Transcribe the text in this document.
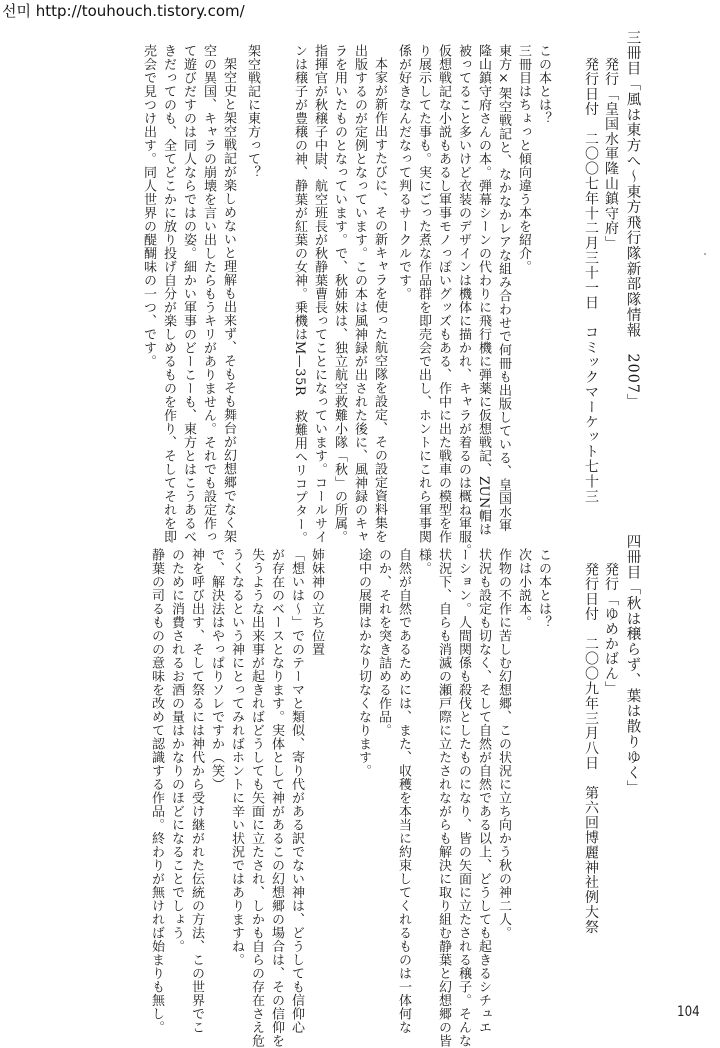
선미 http://touhouch.tistory.com/
三冊目「風は東方へ〜東方飛行隊新部隊情報　2007」
発行「皇国水軍隆山鎮守府」
発行日付　二〇〇七年十二月三十一日　コミックマーケット七十三
この本とは？
三冊目はちょっと傾向違う本を紹介。
東方×架空戦記と、なかなかレアな組み合わせで何冊も出版している、皇国水軍
隆山鎮守府さんの本。弾幕シーンの代わりに飛行機に弾薬に仮想戦記、ZUN帽は
被ってること多いけど衣装のデザインは機体に描かれ、キャラが着るのは概ね軍服。
仮想戦記な小説もあるし軍事モノっぽいグッズもある、作中に出た戦車の模型を作
り展示してた事も。実にごった煮な作品群を即売会で出し、ホントにこれら軍事関
係が好きなんだなって判るサークルです。
本家が新作出すたびに、その新キャラを使った航空隊を設定、その設定資料集を
出版するのが定例となっています。この本は風神録が出された後に、風神録のキャ
ラを用いたものとなっています。で、秋姉妹は、独立航空救難小隊「秋」の所属。
指揮官が秋穣子中尉、航空班長が秋静葉曹長ってことになっています。コールサイ
ンは穣子が豊穣の神、静葉が紅葉の女神。乗機はM—35R　救難用ヘリコプター。
架空戦記に東方って？
架空史と架空戦記が楽しめないと理解も出来ず、そもそも舞台が幻想郷でなく架
空の異国、キャラの崩壊を言い出したらもうキリがありません。それでも設定作っ
て遊びだすのは同人ならではの姿。細かい軍事のどーこーも、東方とはこうあるべ
きだってのも、全てどこかに放り投げ自分が楽しめるものを作り、そしてそれを即
売会で見つけ出す。同人世界の醍醐味の一つ、です。
四冊目「秋は穣らず、葉は散りゆく」
発行「ゆめかばん」
発行日付　二〇〇九年三月八日　第六回博麗神社例大祭
この本とは？
次は小説本。
作物の不作に苦しむ幻想郷、この状況に立ち向かう秋の神二人。
状況も設定も切なく、そして自然が自然である以上、どうしても起きるシチュエ
ーション。人間関係も殺伐としたものになり、皆の矢面に立たされる穣子。そんな
状況下、自らも消滅の瀬戸際に立たされながらも解決に取り組む静葉と幻想郷の皆
様。
自然が自然であるためには、また、収穫を本当に約束してくれるものは一体何な
のか、それを突き詰める作品。
途中の展開はかなり切なくなります。
姉妹神の立ち位置
「想いは〜」でのテーマと類似、寄り代がある訳でない神は、どうしても信仰心
が存在のベースとなります。実体として神があるこの幻想郷の場合は、その信仰を
失うような出来事が起きればどうしても矢面に立たされ、しかも自らの存在さえ危
うくなるという神にとってみればホントに辛い状況ではありますね。
で、解決法はやっぱりソレですか（笑）
神を呼び出す、そして祭るには神代から受け継がれた伝統の方法、この世界でこ
のために消費されるお酒の量はかなりのほどになることでしょう。
静葉の司るものの意味を改めて認識する作品。終わりが無ければ始まりも無し。	104
